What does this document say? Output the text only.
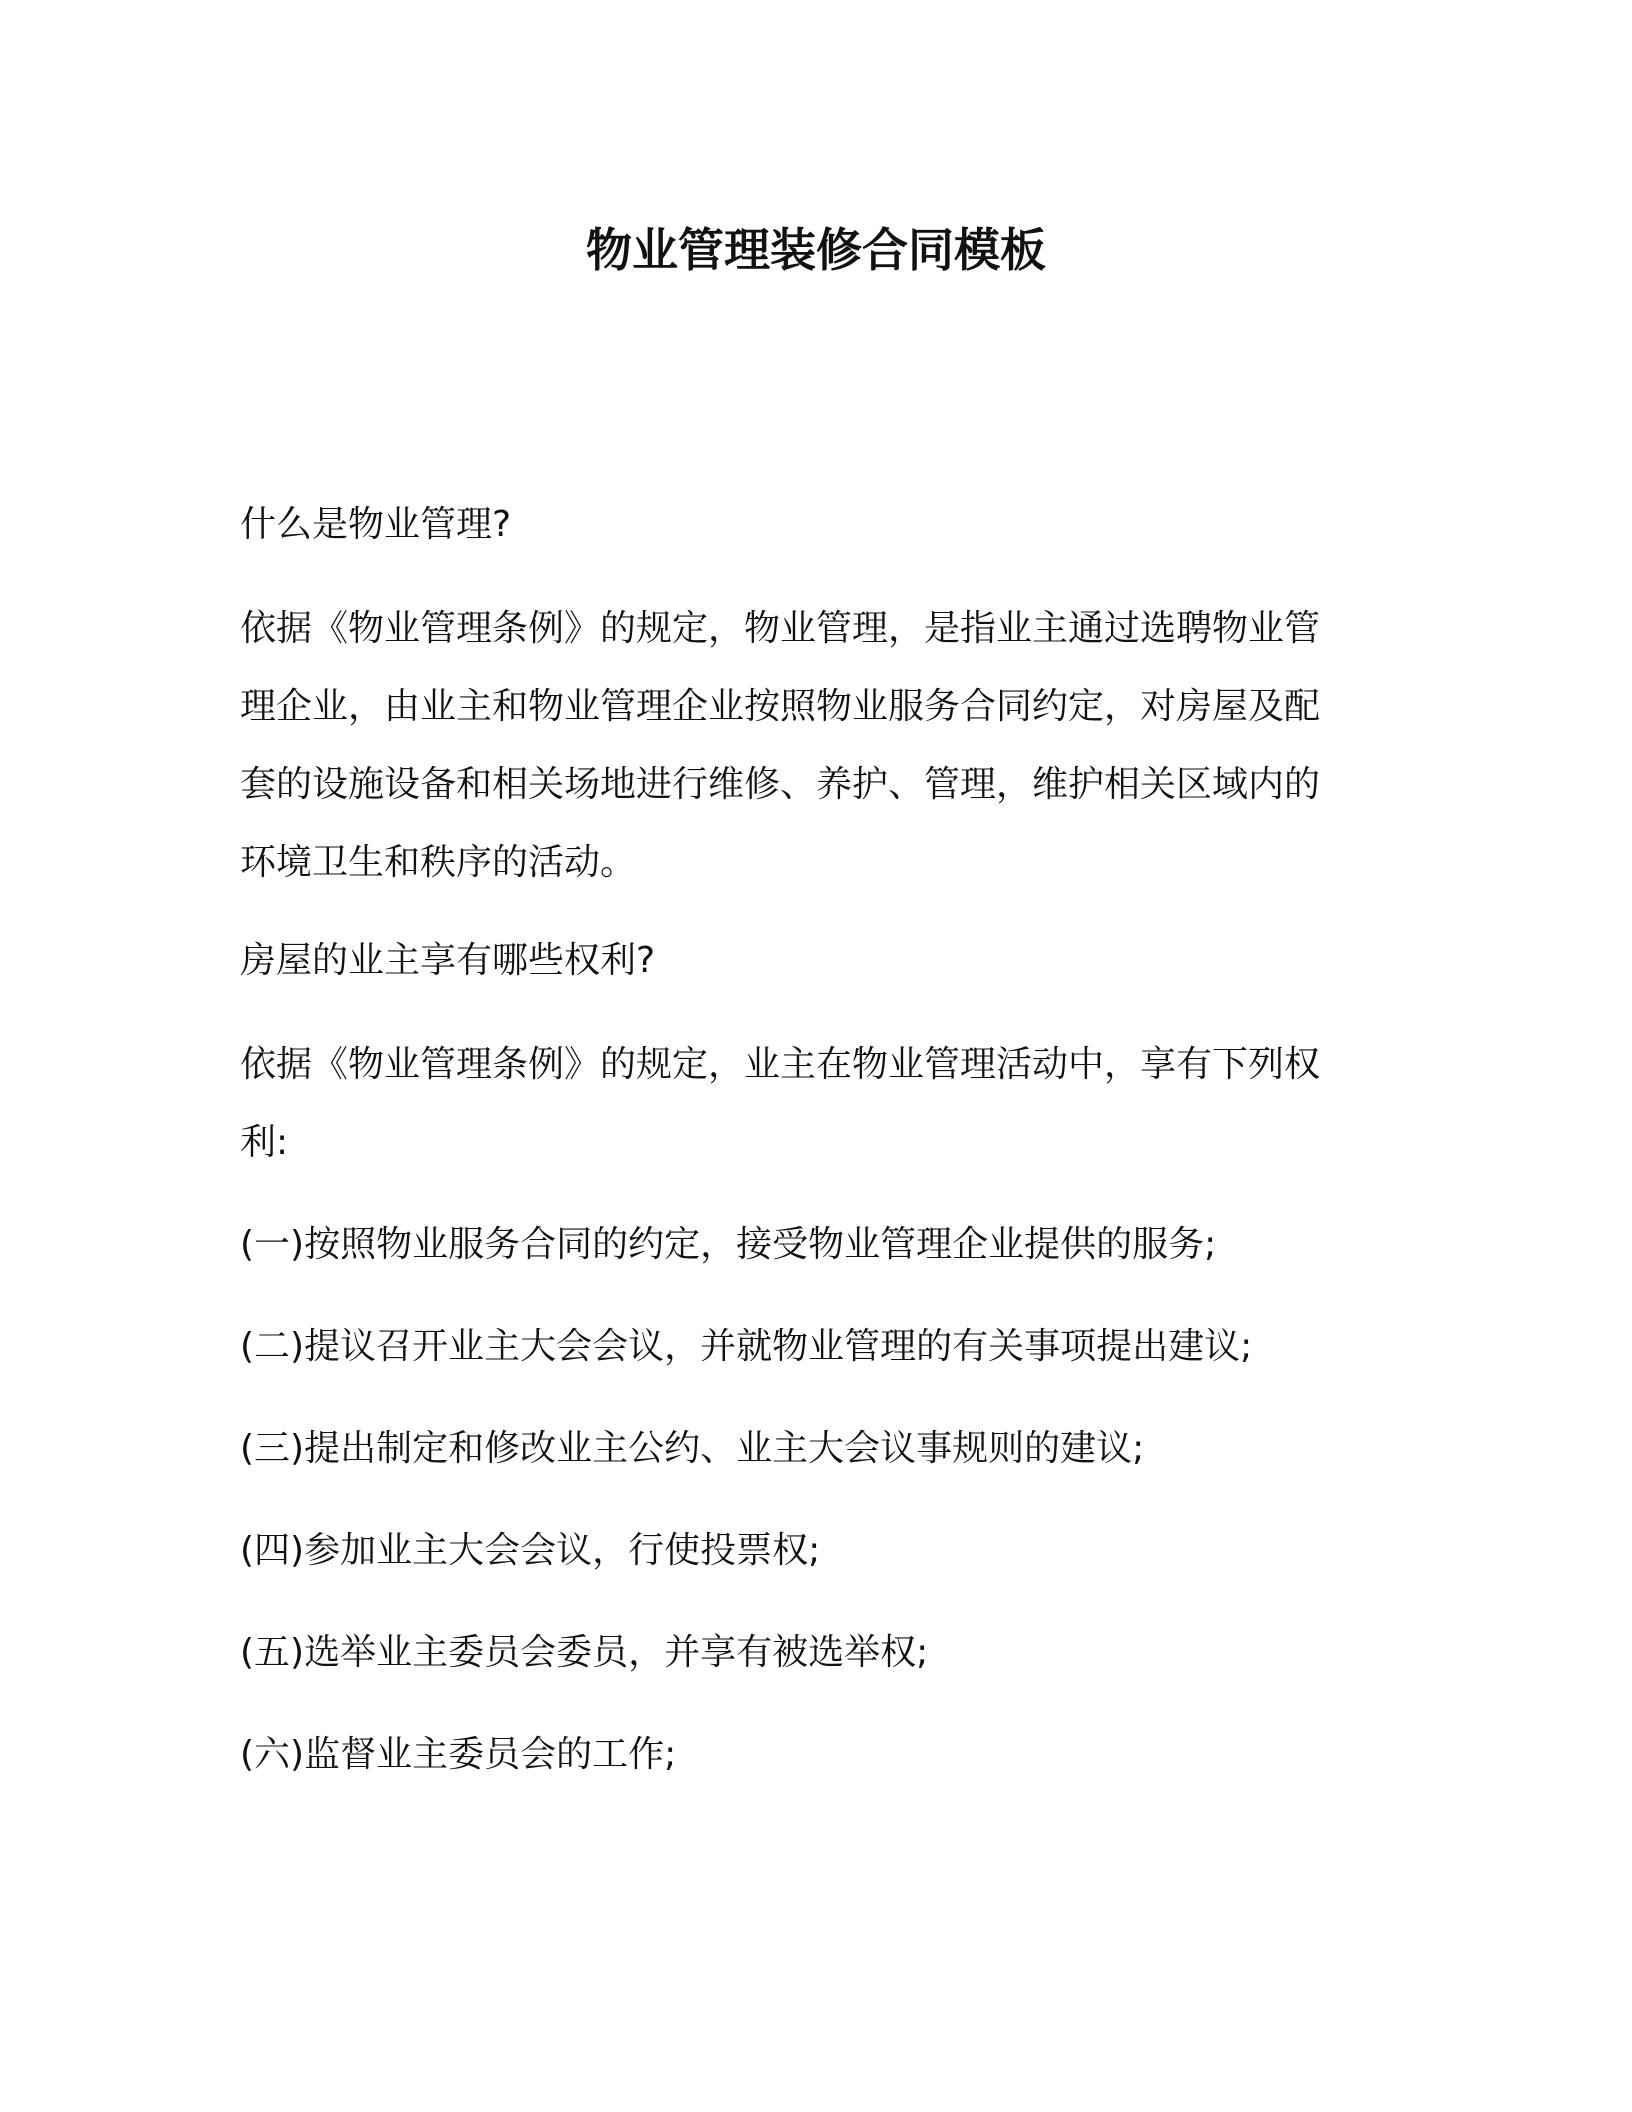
物业管理装修合同模板

什么是物业管理?

依据《物业管理条例》的规定，物业管理，是指业主通过选聘物业管
理企业，由业主和物业管理企业按照物业服务合同约定，对房屋及配
套的设施设备和相关场地进行维修、养护、管理，维护相关区域内的
环境卫生和秩序的活动。

房屋的业主享有哪些权利?

依据《物业管理条例》的规定，业主在物业管理活动中，享有下列权
利:

(一)按照物业服务合同的约定，接受物业管理企业提供的服务;

(二)提议召开业主大会会议，并就物业管理的有关事项提出建议;

(三)提出制定和修改业主公约、业主大会议事规则的建议;

(四)参加业主大会会议，行使投票权;

(五)选举业主委员会委员，并享有被选举权;

(六)监督业主委员会的工作;
